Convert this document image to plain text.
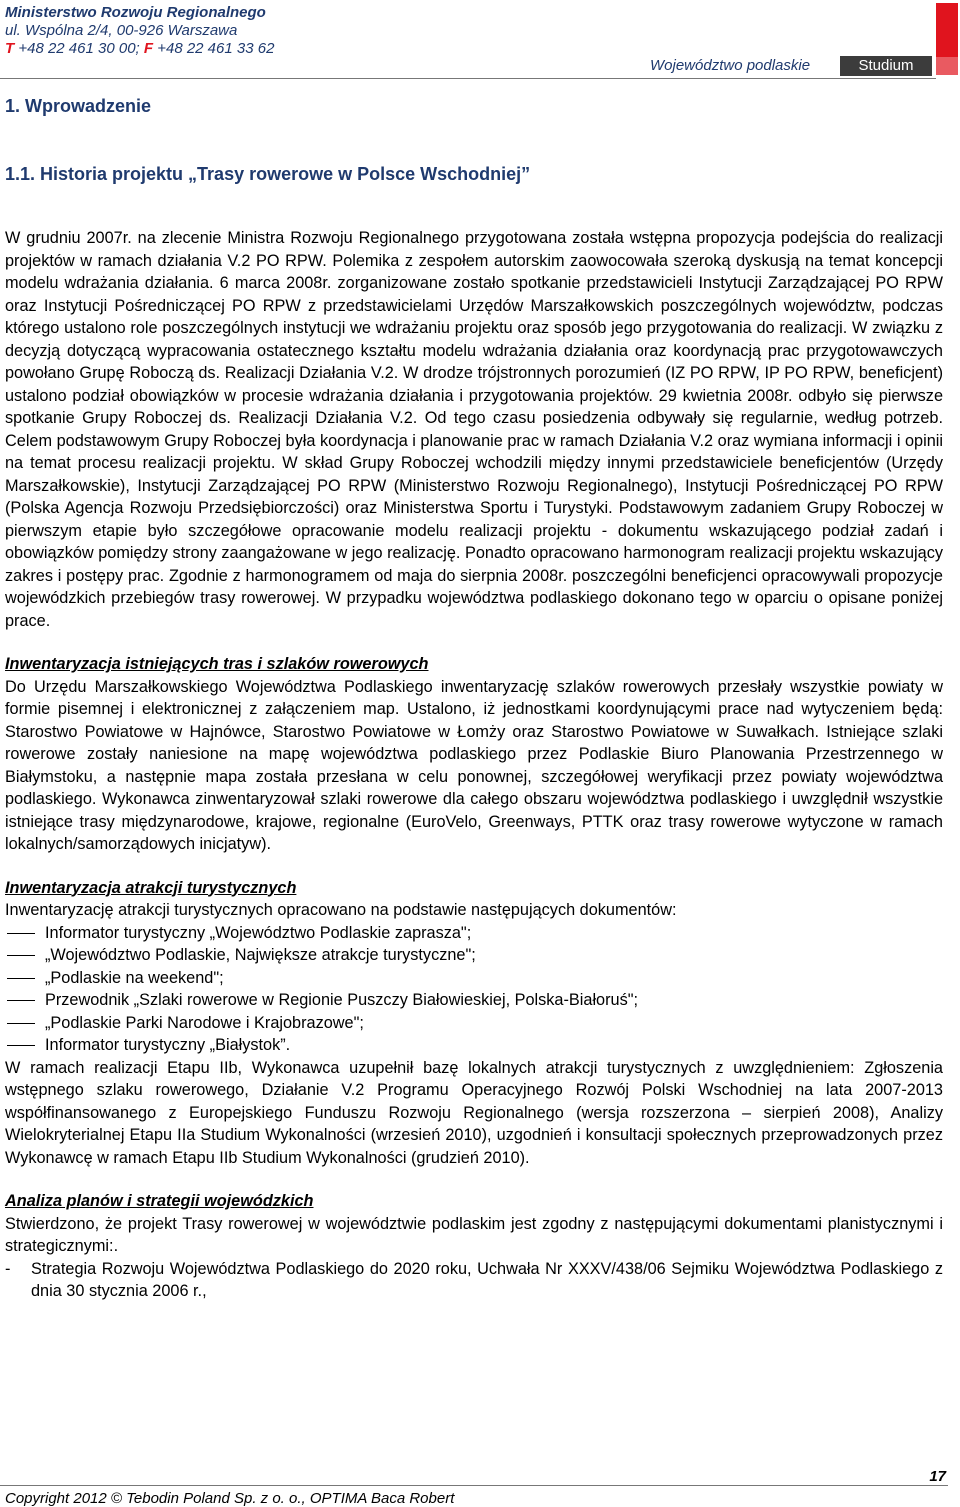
Ministerstwo Rozwoju Regionalnego
ul. Wspólna 2/4, 00-926 Warszawa
T +48 22 461 30 00; F +48 22 461 33 62
Województwo podlaskie	Studium
1. Wprowadzenie
1.1. Historia projektu „Trasy rowerowe w Polsce Wschodniej”

W grudniu 2007r. na zlecenie Ministra Rozwoju Regionalnego przygotowana została wstępna propozycja podejścia do realizacji projektów w ramach działania V.2 PO RPW. Polemika z zespołem autorskim zaowocowała szeroką dyskusją na temat koncepcji modelu wdrażania działania. 6 marca 2008r. zorganizowane zostało spotkanie przedstawicieli Instytucji Zarządzającej PO RPW oraz Instytucji Pośredniczącej PO RPW z przedstawicielami Urzędów Marszałkowskich poszczególnych województw, podczas którego ustalono role poszczególnych instytucji we wdrażaniu projektu oraz sposób jego przygotowania do realizacji. W związku z decyzją dotyczącą wypracowania ostatecznego kształtu modelu wdrażania działania oraz koordynacją prac przygotowawczych powołano Grupę Roboczą ds. Realizacji Działania V.2. W drodze trójstronnych porozumień (IZ PO RPW, IP PO RPW, beneficjent) ustalono podział obowiązków w procesie wdrażania działania i przygotowania projektów. 29 kwietnia 2008r. odbyło się pierwsze spotkanie Grupy Roboczej ds. Realizacji Działania V.2. Od tego czasu posiedzenia odbywały się regularnie, według potrzeb. Celem podstawowym Grupy Roboczej była koordynacja i planowanie prac w ramach Działania V.2 oraz wymiana informacji i opinii na temat procesu realizacji projektu. W skład Grupy Roboczej wchodzili między innymi przedstawiciele beneficjentów (Urzędy Marszałkowskie), Instytucji Zarządzającej PO RPW (Ministerstwo Rozwoju Regionalnego), Instytucji Pośredniczącej PO RPW (Polska Agencja Rozwoju Przedsiębiorczości) oraz Ministerstwa Sportu i Turystyki. Podstawowym zadaniem Grupy Roboczej w pierwszym etapie było szczegółowe opracowanie modelu realizacji projektu - dokumentu wskazującego podział zadań i obowiązków pomiędzy strony zaangażowane w jego realizację. Ponadto opracowano harmonogram realizacji projektu wskazujący zakres i postępy prac. Zgodnie z harmonogramem od maja do sierpnia 2008r. poszczególni beneficjenci opracowywali propozycje wojewódzkich przebiegów trasy rowerowej. W przypadku województwa podlaskiego dokonano tego w oparciu o opisane poniżej prace.

Inwentaryzacja istniejących tras i szlaków rowerowych

Do Urzędu Marszałkowskiego Województwa Podlaskiego inwentaryzację szlaków rowerowych przesłały wszystkie powiaty w formie pisemnej i elektronicznej z załączeniem map. Ustalono, iż jednostkami koordynującymi prace nad wytyczeniem będą: Starostwo Powiatowe w Hajnówce, Starostwo Powiatowe w Łomży oraz Starostwo Powiatowe w Suwałkach. Istniejące szlaki rowerowe zostały naniesione na mapę województwa podlaskiego przez Podlaskie Biuro Planowania Przestrzennego w Białymstoku, a następnie mapa została przesłana w celu ponownej, szczegółowej weryfikacji przez powiaty województwa podlaskiego. Wykonawca zinwentaryzował szlaki rowerowe dla całego obszaru województwa podlaskiego i uwzględnił wszystkie istniejące trasy międzynarodowe, krajowe, regionalne (EuroVelo, Greenways, PTTK oraz trasy rowerowe wytyczone w ramach lokalnych/samorządowych inicjatyw).

Inwentaryzacja atrakcji turystycznych

Inwentaryzację atrakcji turystycznych opracowano na podstawie następujących dokumentów:

Informator turystyczny „Województwo Podlaskie zaprasza";
„Województwo Podlaskie, Największe atrakcje turystyczne";
„Podlaskie na weekend";
Przewodnik „Szlaki rowerowe w Regionie Puszczy Białowieskiej, Polska-Białoruś";
„Podlaskie Parki Narodowe i Krajobrazowe";
Informator turystyczny „Białystok”.

W ramach realizacji Etapu IIb, Wykonawca uzupełnił bazę lokalnych atrakcji turystycznych z uwzględnieniem: Zgłoszenia wstępnego szlaku rowerowego, Działanie V.2 Programu Operacyjnego Rozwój Polski Wschodniej na lata 2007-2013 współfinansowanego z Europejskiego Funduszu Rozwoju Regionalnego (wersja rozszerzona – sierpień 2008), Analizy Wielokryterialnej Etapu IIa Studium Wykonalności (wrzesień 2010), uzgodnień i konsultacji społecznych przeprowadzonych przez Wykonawcę w ramach Etapu IIb Studium Wykonalności (grudzień 2010).

Analiza planów i strategii wojewódzkich

Stwierdzono, że projekt Trasy rowerowej w województwie podlaskim jest zgodny z następującymi dokumentami planistycznymi i strategicznymi:.

- Strategia Rozwoju Województwa Podlaskiego do 2020 roku, Uchwała Nr XXXV/438/06 Sejmiku Województwa Podlaskiego z dnia 30 stycznia 2006 r.,
17
Copyright 2012 © Tebodin Poland Sp. z o. o., OPTIMA Baca Robert
